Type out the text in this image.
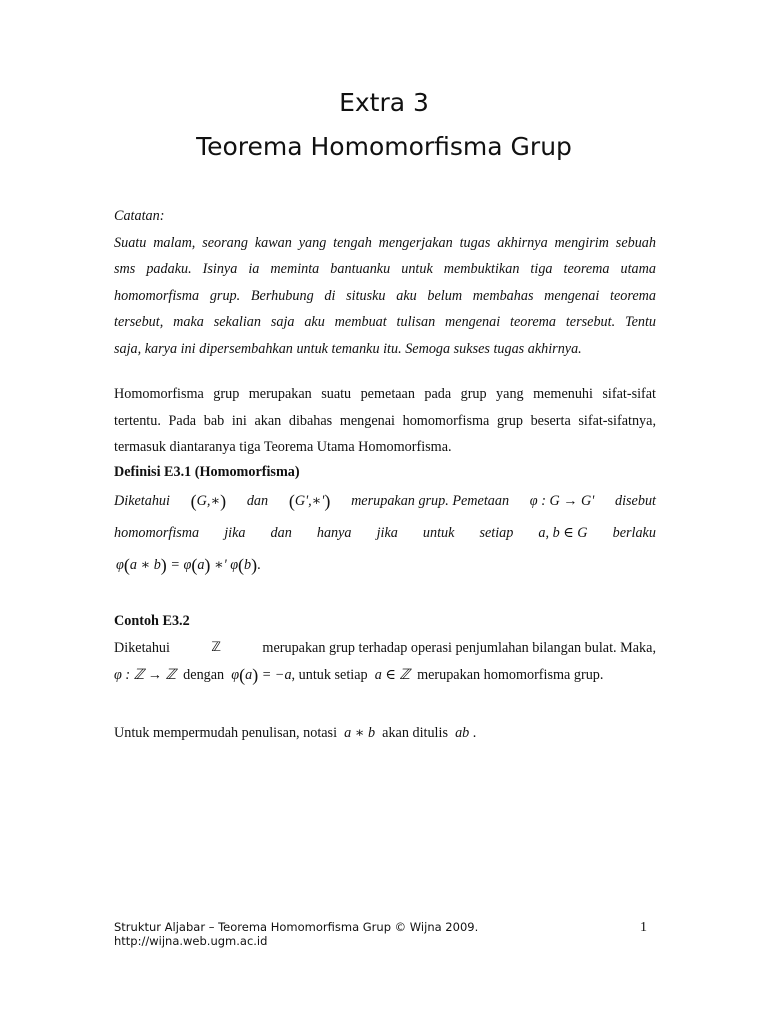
Extra 3
Teorema Homomorfisma Grup
Catatan:
Suatu malam, seorang kawan yang tengah mengerjakan tugas akhirnya mengirim sebuah
sms padaku. Isinya ia meminta bantuanku untuk membuktikan tiga teorema utama
homomorfisma grup. Berhubung di situsku aku belum membahas mengenai teorema
tersebut, maka sekalian saja aku membuat tulisan mengenai teorema tersebut. Tentu
saja, karya ini dipersembahkan untuk temanku itu. Semoga sukses tugas akhirnya.
Homomorfisma grup merupakan suatu pemetaan pada grup yang memenuhi sifat-sifat
tertentu. Pada bab ini akan dibahas mengenai homomorfisma grup beserta sifat-sifatnya,
termasuk diantaranya tiga Teorema Utama Homomorfisma.
Definisi E3.1 (Homomorfisma)
Diketahui (G,∗) dan (G',∗') merupakan grup. Pemetaan φ : G → G' disebut
homomorfisma jika dan hanya jika untuk setiap a, b ∈ G berlaku
φ(a ∗ b) = φ(a) ∗' φ(b).
Contoh E3.2
Diketahui	ℤ	merupakan grup terhadap operasi penjumlahan bilangan bulat. Maka,
φ : ℤ → ℤ dengan φ(a) = −a, untuk setiap a ∈ ℤ merupakan homomorfisma grup.
Untuk mempermudah penulisan, notasi a ∗ b akan ditulis ab .
Struktur Aljabar – Teorema Homomorfisma Grup © Wijna 2009.
http://wijna.web.ugm.ac.id
1
